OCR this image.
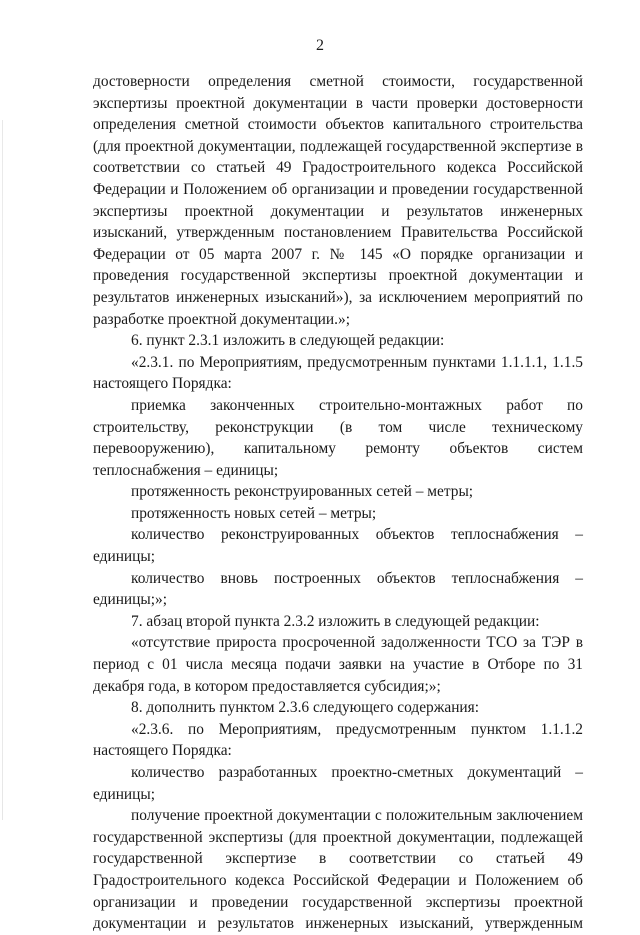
2

достоверности определения сметной стоимости, государственной экспертизы проектной документации в части проверки достоверности определения сметной стоимости объектов капитального строительства (для проектной документации, подлежащей государственной экспертизе в соответствии со статьей 49 Градостроительного кодекса Российской Федерации и Положением об организации и проведении государственной экспертизы проектной документации и результатов инженерных изысканий, утвержденным постановлением Правительства Российской Федерации от 05 марта 2007 г. № 145 «О порядке организации и проведения государственной экспертизы проектной документации и результатов инженерных изысканий»), за исключением мероприятий по разработке проектной документации.»;

6. пункт 2.3.1 изложить в следующей редакции:

«2.3.1. по Мероприятиям, предусмотренным пунктами 1.1.1.1, 1.1.5 настоящего Порядка:

приемка законченных строительно-монтажных работ по строительству, реконструкции (в том числе техническому перевооружению), капитальному ремонту объектов систем теплоснабжения – единицы;

протяженность реконструированных сетей – метры;

протяженность новых сетей – метры;

количество реконструированных объектов теплоснабжения – единицы;

количество вновь построенных объектов теплоснабжения – единицы;»;

7. абзац второй пункта 2.3.2 изложить в следующей редакции:

«отсутствие прироста просроченной задолженности ТСО за ТЭР в период с 01 числа месяца подачи заявки на участие в Отборе по 31 декабря года, в котором предоставляется субсидия;»;

8. дополнить пунктом 2.3.6 следующего содержания:

«2.3.6. по Мероприятиям, предусмотренным пунктом 1.1.1.2 настоящего Порядка:

количество разработанных проектно-сметных документаций – единицы;

получение проектной документации с положительным заключением государственной экспертизы (для проектной документации, подлежащей государственной экспертизе в соответствии со статьей 49 Градостроительного кодекса Российской Федерации и Положением об организации и проведении государственной экспертизы проектной документации и результатов инженерных изысканий, утвержденным
